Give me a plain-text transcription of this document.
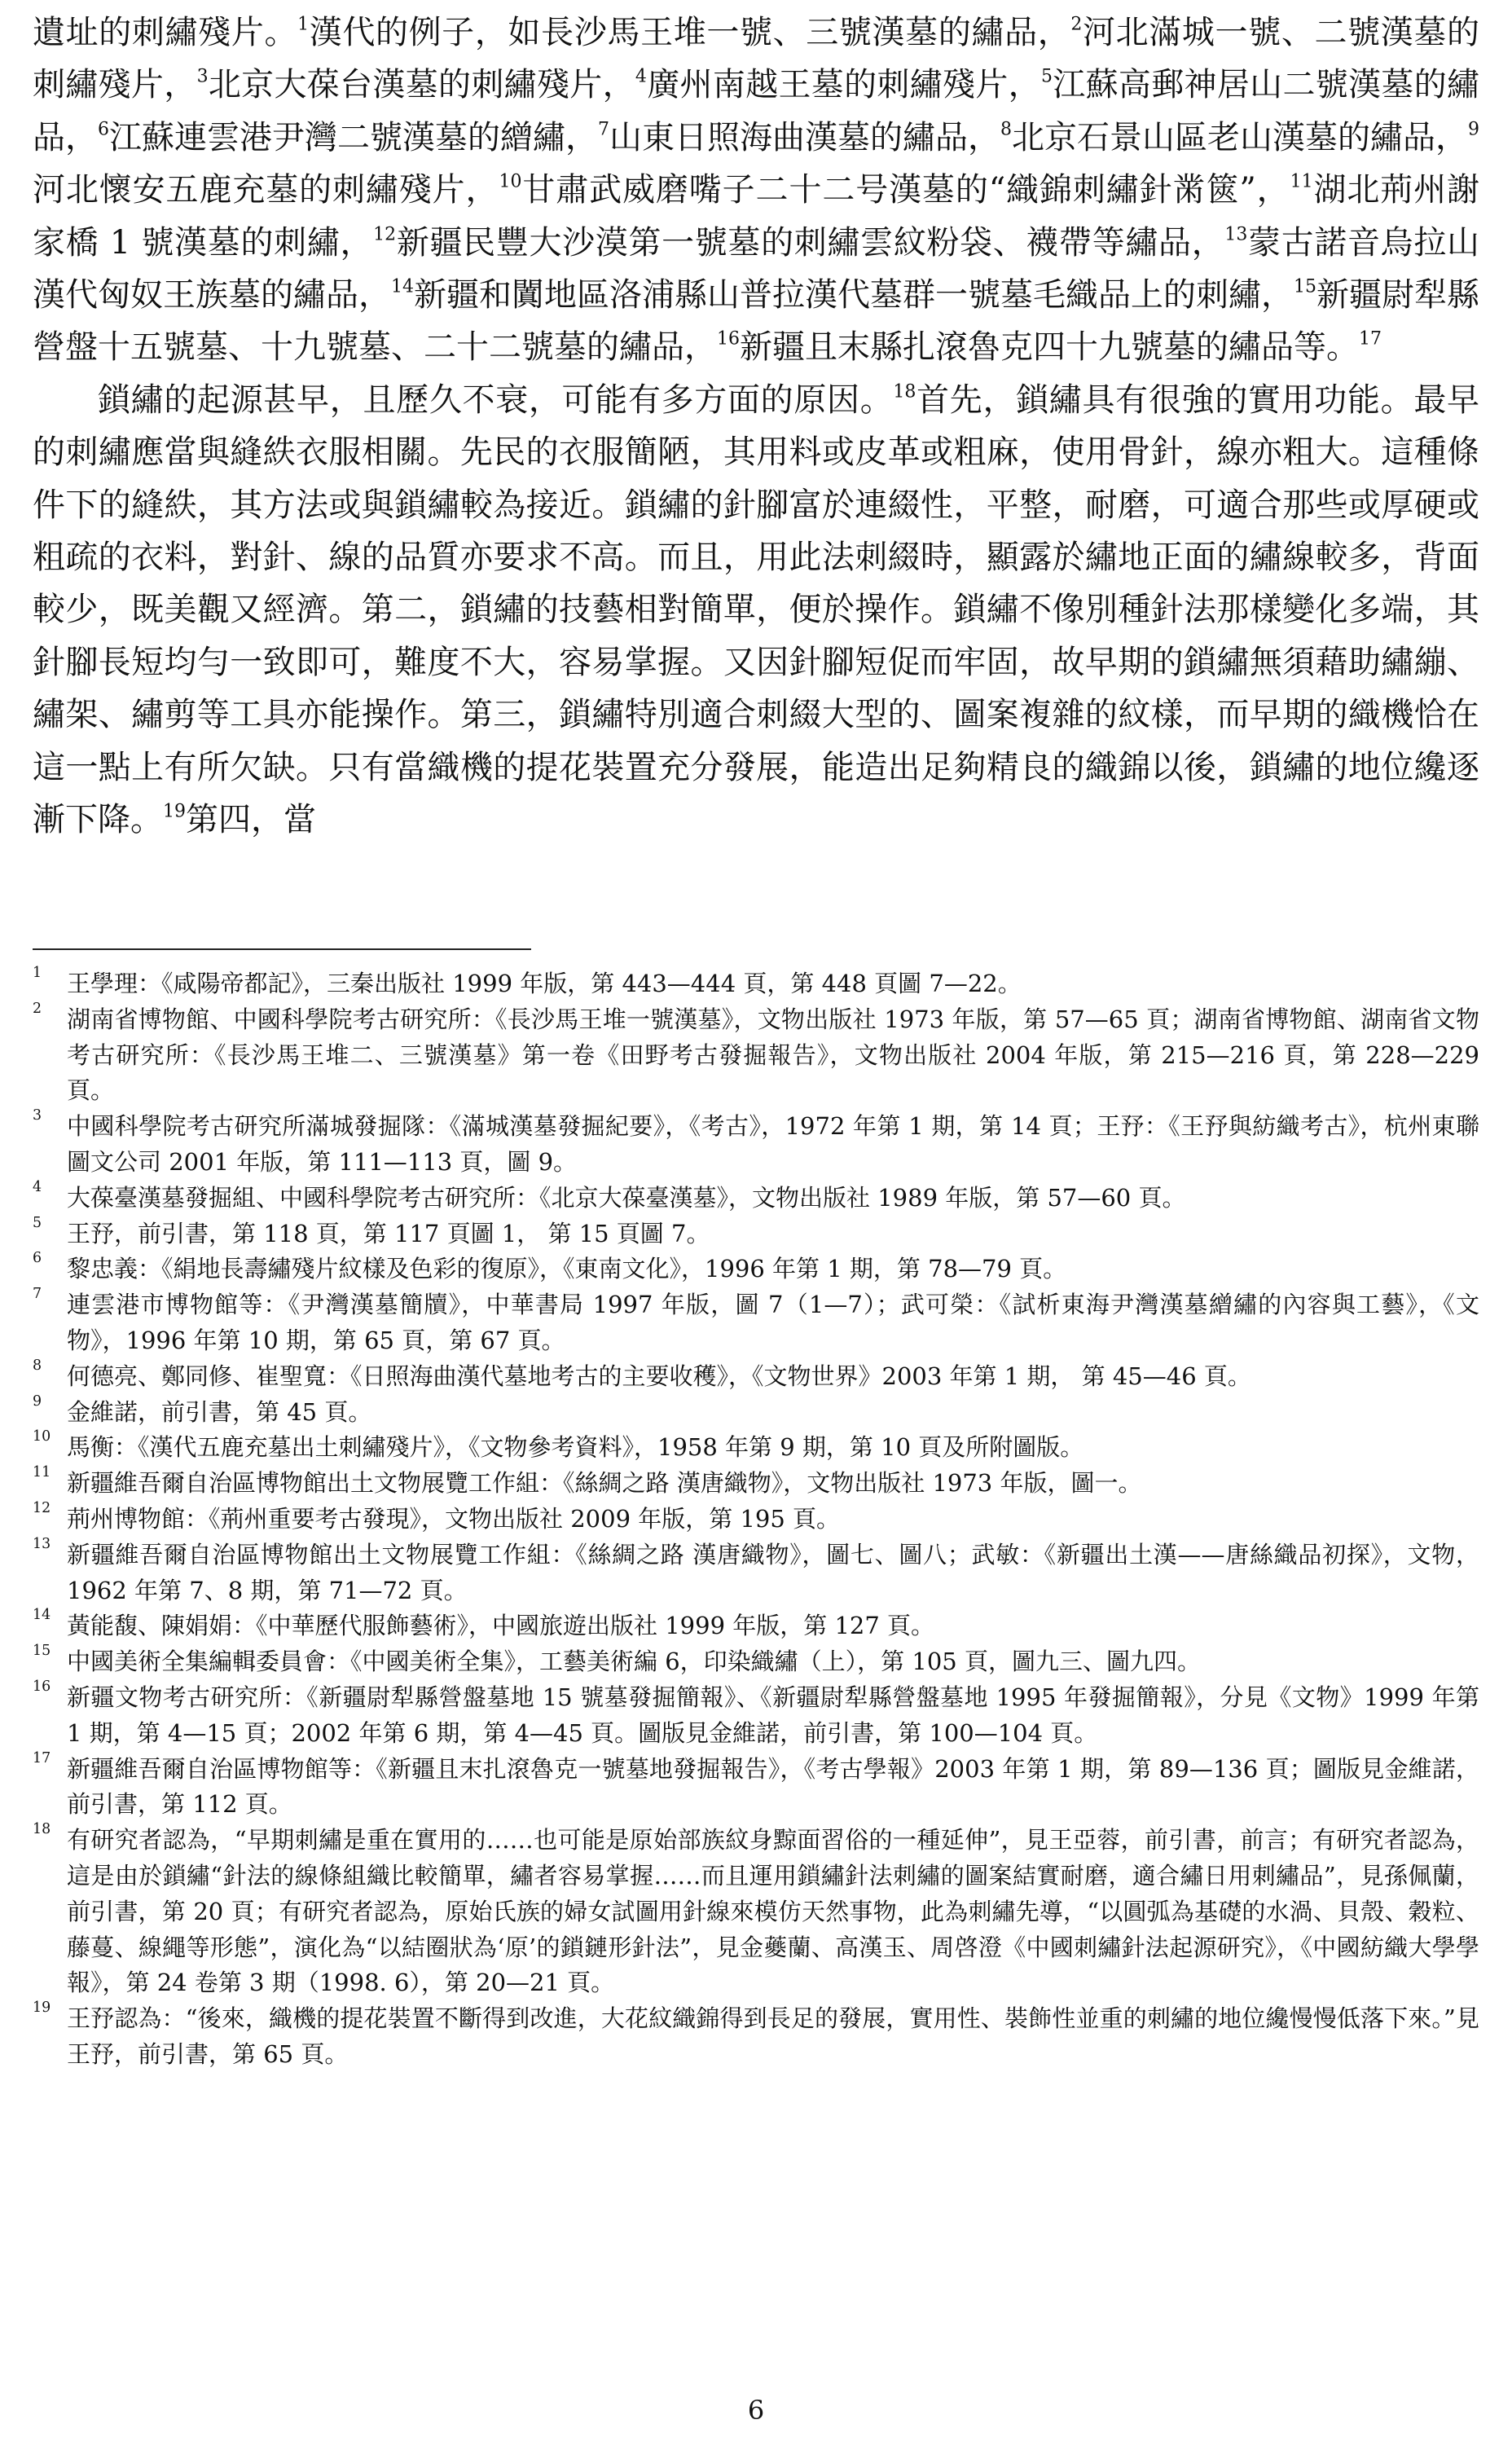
遺址的刺繡殘片。$^1$漢代的例子，如長沙馬王堆一號、三號漢墓的繡品，$^2$河北滿城一號、二號漢墓的刺繡殘片，$^3$北京大葆台漢墓的刺繡殘片，$^4$廣州南越王墓的刺繡殘片，$^5$江蘇高郵神居山二號漢墓的繡品，$^6$江蘇連雲港尹灣二號漢墓的繒繡，$^7$山東日照海曲漢墓的繡品，$^8$北京石景山區老山漢墓的繡品，$^9$河北懷安五鹿充墓的刺繡殘片，$^{10}$甘肅武威磨嘴子二十二号漢墓的“織錦刺繡針黹篋”，$^{11}$湖北荊州謝家橋 1 號漢墓的刺繡，$^{12}$新疆民豐大沙漠第一號墓的刺繡雲紋粉袋、襪帶等繡品，$^{13}$蒙古諾音烏拉山漢代匈奴王族墓的繡品，$^{14}$新疆和闐地區洛浦縣山普拉漢代墓群一號墓毛織品上的刺繡，$^{15}$新疆尉犁縣營盤十五號墓、十九號墓、二十二號墓的繡品，$^{16}$新疆且末縣扎滾魯克四十九號墓的繡品等。$^{17}$

鎖繡的起源甚早，且歷久不衰，可能有多方面的原因。$^{18}$首先，鎖繡具有很強的實用功能。最早的刺繡應當與縫紩衣服相關。先民的衣服簡陋，其用料或皮革或粗麻，使用骨針，線亦粗大。這種條件下的縫紩，其方法或與鎖繡較為接近。鎖繡的針腳富於連綴性，平整，耐磨，可適合那些或厚硬或粗疏的衣料，對針、線的品質亦要求不高。而且，用此法刺綴時，顯露於繡地正面的繡線較多，背面較少，既美觀又經濟。第二，鎖繡的技藝相對簡單，便於操作。鎖繡不像別種針法那樣變化多端，其針腳長短均勻一致即可，難度不大，容易掌握。又因針腳短促而牢固，故早期的鎖繡無須藉助繡繃、繡架、繡剪等工具亦能操作。第三，鎖繡特別適合刺綴大型的、圖案複雜的紋樣，而早期的織機恰在這一點上有所欠缺。只有當織機的提花裝置充分發展，能造出足夠精良的織錦以後，鎖繡的地位纔逐漸下降。$^{19}$第四，當

1 王學理：《咸陽帝都記》，三秦出版社 1999 年版，第 443—444 頁，第 448 頁圖 7—22。

2 湖南省博物館、中國科學院考古研究所：《長沙馬王堆一號漢墓》，文物出版社 1973 年版，第 57—65 頁；湖南省博物館、湖南省文物考古研究所：《長沙馬王堆二、三號漢墓》第一卷《田野考古發掘報告》，文物出版社 2004 年版，第 215—216 頁，第 228—229 頁。

3 中國科學院考古研究所滿城發掘隊：《滿城漢墓發掘紀要》，《考古》，1972 年第 1 期，第 14 頁；王㐨：《王㐨與紡織考古》，杭州東聯圖文公司 2001 年版，第 111—113 頁，圖 9。

4 大葆臺漢墓發掘組、中國科學院考古研究所：《北京大葆臺漢墓》，文物出版社 1989 年版，第 57—60 頁。

5 王㐨，前引書，第 118 頁，第 117 頁圖 1， 第 15 頁圖 7。

6 黎忠義：《絹地長壽繡殘片紋樣及色彩的復原》，《東南文化》，1996 年第 1 期，第 78—79 頁。

7 連雲港市博物館等：《尹灣漢墓簡牘》，中華書局 1997 年版，圖 7（1—7）；武可榮：《試析東海尹灣漢墓繒繡的內容與工藝》，《文物》，1996 年第 10 期，第 65 頁，第 67 頁。

8 何德亮、鄭同修、崔聖寬：《日照海曲漢代墓地考古的主要收穫》，《文物世界》2003 年第 1 期， 第 45—46 頁。

9 金維諾，前引書，第 45 頁。

10 馬衡：《漢代五鹿充墓出土刺繡殘片》，《文物參考資料》，1958 年第 9 期，第 10 頁及所附圖版。

11 新疆維吾爾自治區博物館出土文物展覽工作組：《絲綢之路 漢唐織物》，文物出版社 1973 年版，圖一。

12 荊州博物館：《荊州重要考古發現》，文物出版社 2009 年版，第 195 頁。

13 新疆維吾爾自治區博物館出土文物展覽工作組：《絲綢之路 漢唐織物》，圖七、圖八；武敏：《新疆出土漢——唐絲織品初探》，文物，1962 年第 7、8 期，第 71—72 頁。

14 黃能馥、陳娟娟：《中華歷代服飾藝術》，中國旅遊出版社 1999 年版，第 127 頁。

15 中國美術全集編輯委員會：《中國美術全集》，工藝美術編 6，印染織繡（上），第 105 頁，圖九三、圖九四。

16 新疆文物考古研究所：《新疆尉犁縣營盤墓地 15 號墓發掘簡報》、《新疆尉犁縣營盤墓地 1995 年發掘簡報》，分見《文物》1999 年第 1 期，第 4—15 頁；2002 年第 6 期，第 4—45 頁。圖版見金維諾，前引書，第 100—104 頁。

17 新疆維吾爾自治區博物館等：《新疆且末扎滾魯克一號墓地發掘報告》，《考古學報》2003 年第 1 期，第 89—136 頁；圖版見金維諾，前引書，第 112 頁。

18 有研究者認為，“早期刺繡是重在實用的……也可能是原始部族紋身黥面習俗的一種延伸”，見王亞蓉，前引書，前言；有研究者認為，這是由於鎖繡“針法的線條組織比較簡單，繡者容易掌握……而且運用鎖繡針法刺繡的圖案結實耐磨，適合繡日用刺繡品”，見孫佩蘭，前引書，第 20 頁；有研究者認為，原始氏族的婦女試圖用針線來模仿天然事物，此為刺繡先導，“以圓弧為基礎的水渦、貝殼、穀粒、藤蔓、線繩等形態”，演化為“以結圈狀為‘原’的鎖鏈形針法”，見金𧃍蘭、高漢玉、周啓澄《中國刺繡針法起源研究》，《中國紡織大學學報》，第 24 卷第 3 期（1998. 6），第 20—21 頁。

19 王㐨認為：“後來，織機的提花裝置不斷得到改進，大花紋織錦得到長足的發展，實用性、裝飾性並重的刺繡的地位纔慢慢低落下來。”見王㐨，前引書，第 65 頁。

6
